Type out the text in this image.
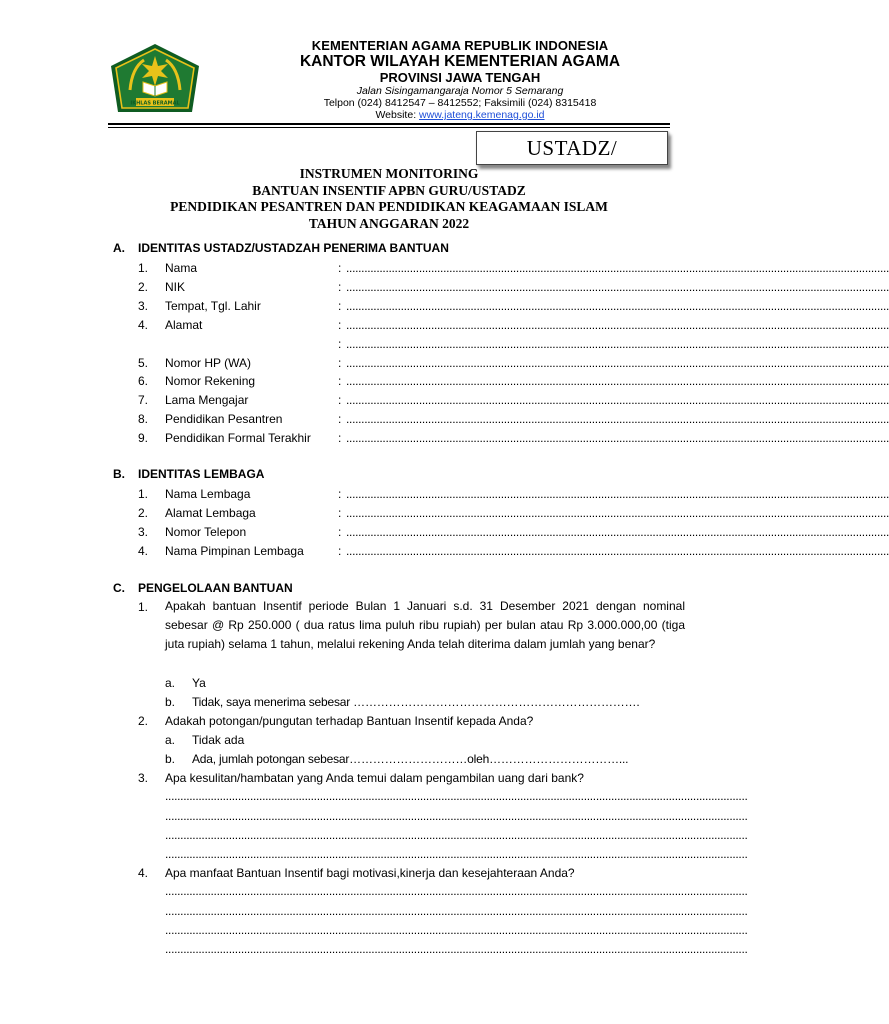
IKHLAS BERAMAL
KEMENTERIAN AGAMA REPUBLIK INDONESIA
KANTOR WILAYAH KEMENTERIAN AGAMA
PROVINSI JAWA TENGAH
Jalan Sisingamangaraja Nomor 5 Semarang
Telpon (024) 8412547 – 8412552; Faksimili (024) 8315418
Website: www.jateng.kemenag.go.id
USTADZ/
INSTRUMEN MONITORING
BANTUAN INSENTIF APBN GURU/USTADZ
PENDIDIKAN PESANTREN DAN PENDIDIKAN KEAGAMAAN ISLAM
TAHUN ANGGARAN 2022
A. IDENTITAS USTADZ/USTADZAH PENERIMA BANTUAN
1. Nama	: ...................................................................................................................................................................................
2. NIK	: ...................................................................................................................................................................................
3. Tempat, Tgl. Lahir	: ...................................................................................................................................................................................
4. Alamat	: ...................................................................................................................................................................................
: ...................................................................................................................................................................................
5. Nomor HP (WA)	: ...................................................................................................................................................................................
6. Nomor Rekening	: ...................................................................................................................................................................................
7. Lama Mengajar	: ...................................................................................................................................................................................
8. Pendidikan Pesantren	: ...................................................................................................................................................................................
9. Pendidikan Formal Terakhir : ...................................................................................................................................................................................
B. IDENTITAS LEMBAGA
1. Nama Lembaga	: ...................................................................................................................................................................................
2. Alamat Lembaga	: ...................................................................................................................................................................................
3. Nomor Telepon	: ...................................................................................................................................................................................
4. Nama Pimpinan Lembaga	: ...................................................................................................................................................................................
C. PENGELOLAAN BANTUAN
1. Apakah bantuan Insentif periode Bulan 1 Januari s.d. 31 Desember 2021 dengan nominal sebesar @ Rp 250.000 ( dua ratus lima puluh ribu rupiah) per bulan atau Rp 3.000.000,00 (tiga juta rupiah) selama 1 tahun, melalui rekening Anda telah diterima dalam jumlah yang benar?
a. Ya
b. Tidak, saya menerima sebesar ……………………………………………………………….
2. Adakah potongan/pungutan terhadap Bantuan Insentif kepada Anda?
a. Tidak ada
b. Ada, jumlah potongan sebesar…………………………oleh……………………………...
3. Apa kesulitan/hambatan yang Anda temui dalam pengambilan uang dari bank?
................................................................................................................................................................................................
................................................................................................................................................................................................
................................................................................................................................................................................................
................................................................................................................................................................................................
4. Apa manfaat Bantuan Insentif bagi motivasi,kinerja dan kesejahteraan Anda?
................................................................................................................................................................................................
................................................................................................................................................................................................
................................................................................................................................................................................................
................................................................................................................................................................................................
